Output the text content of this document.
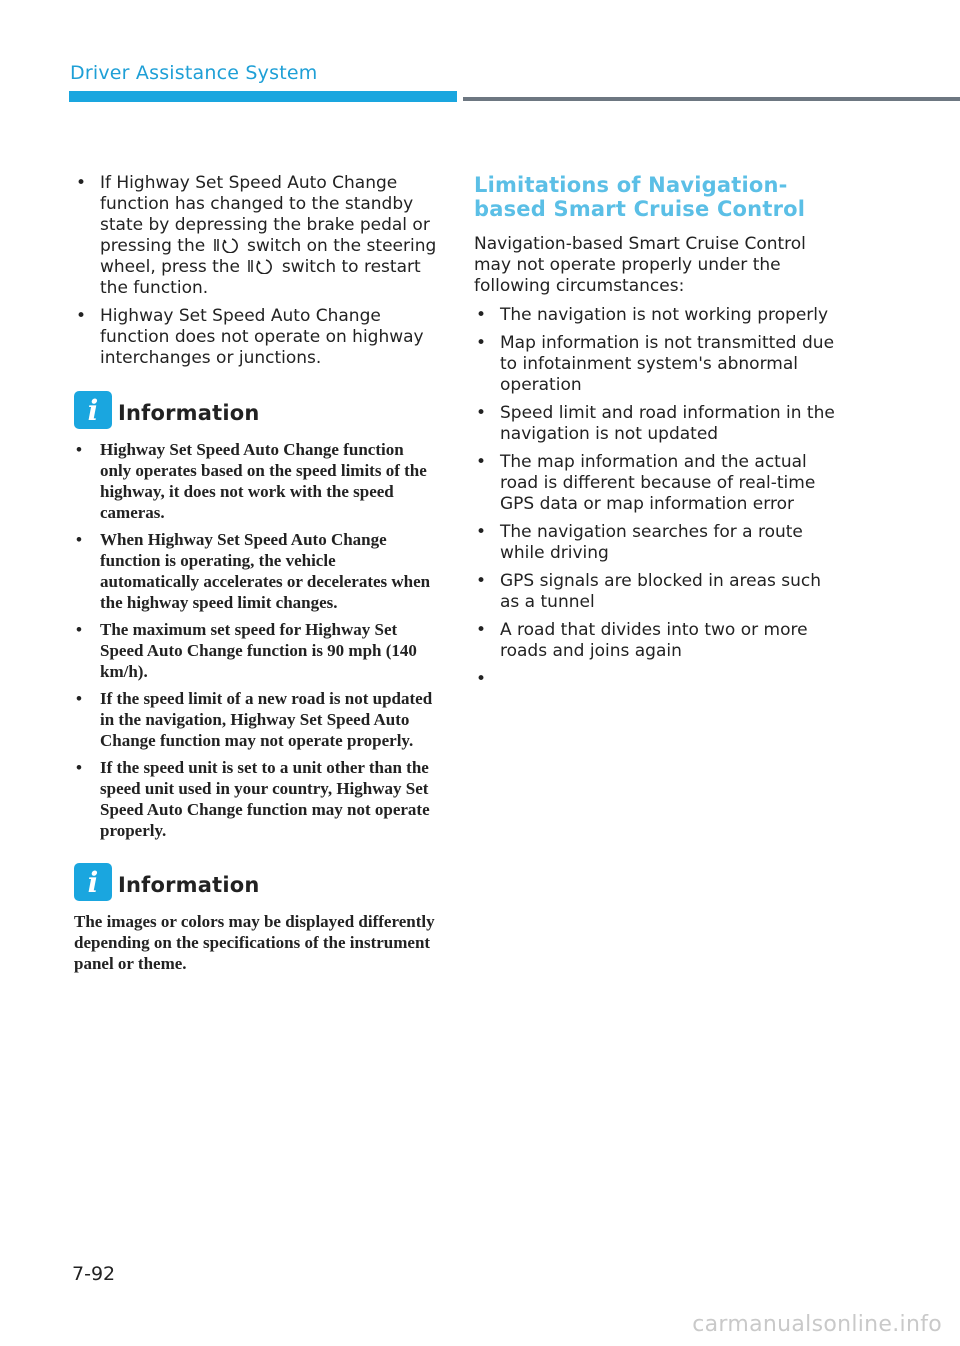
Driver Assistance System
• If Highway Set Speed Auto Change function has changed to the standby state by depressing the brake pedal or pressing the switch on the steering wheel, press the switch to restart the function.
• Highway Set Speed Auto Change function does not operate on highway interchanges or junctions.
i Information
• Highway Set Speed Auto Change function only operates based on the speed limits of the highway, it does not work with the speed cameras.
• When Highway Set Speed Auto Change function is operating, the vehicle automatically accelerates or decelerates when the highway speed limit changes.
• The maximum set speed for Highway Set Speed Auto Change function is 90 mph (140 km/h).
• If the speed limit of a new road is not updated in the navigation, Highway Set Speed Auto Change function may not operate properly.
• If the speed unit is set to a unit other than the speed unit used in your country, Highway Set Speed Auto Change function may not operate properly.
i Information

The images or colors may be displayed differently depending on the specifications of the instrument panel or theme.

Limitations of Navigation-based Smart Cruise Control

Navigation-based Smart Cruise Control may not operate properly under the following circumstances:

• The navigation is not working properly
• Map information is not transmitted due to infotainment system's abnormal operation
• Speed limit and road information in the navigation is not updated
• The map information and the actual road is different because of real-time GPS data or map information error
• The navigation searches for a route while driving
• GPS signals are blocked in areas such as a tunnel
• A road that divides into two or more roads and joins again
7-92
carmanualsonline.info
